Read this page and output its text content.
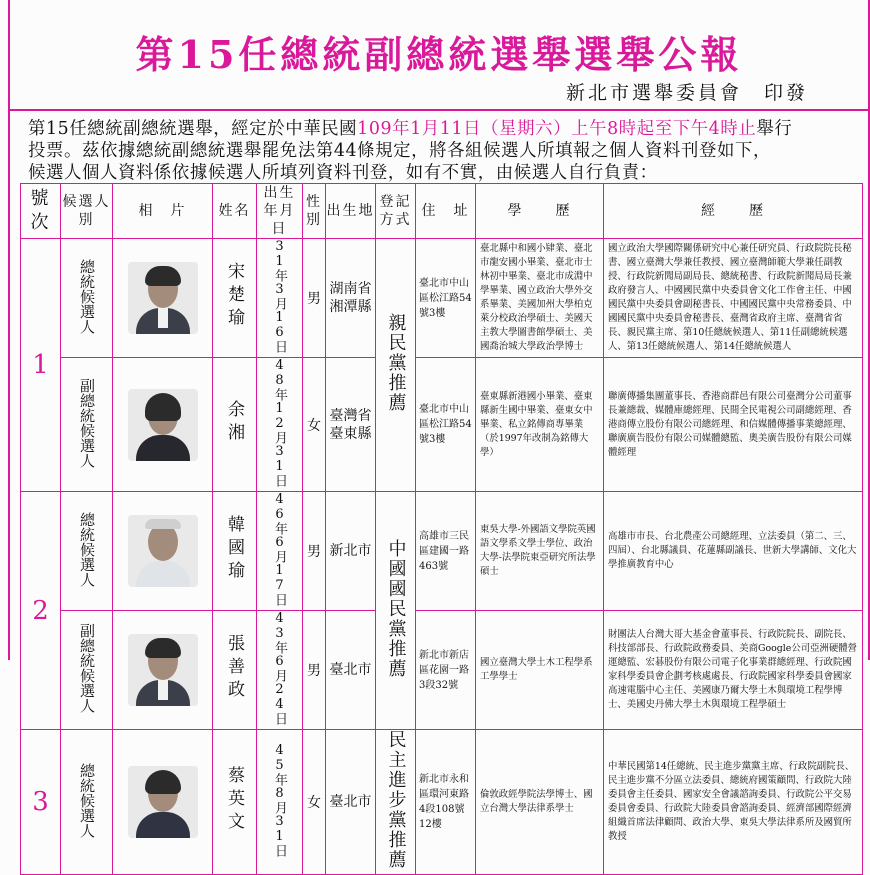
第15任總統副總統選舉選舉公報
新北市選舉委員會　印發
第15任總統副總統選舉，經定於中華民國109年1月11日（星期六）上午8時起至下午4時止舉行
投票。茲依據總統副總統選舉罷免法第44條規定，將各組候選人所填報之個人資料刊登如下，
候選人個人資料係依據候選人所填列資料刊登，如有不實，由候選人自行負責：
號次	候選人別	相　片	姓名	出生年月日	性別	出生地	登記方式	住　址	學　　歷	經　　歷
1	總統候選人		宋楚瑜	31年3月16日	男	湖南省湘潭縣	親民黨推薦	臺北市中山區松江路54號3樓	臺北縣中和國小肄業、臺北市龍安國小畢業、臺北市士林初中畢業、臺北市成淵中學畢業、國立政治大學外交系畢業、美國加州大學柏克萊分校政治學碩士、美國天主教大學圖書館學碩士、美國喬治城大學政治學博士	國立政治大學國際關係研究中心兼任研究員、行政院院長秘書、國立臺灣大學兼任教授、國立臺灣師範大學兼任副教授、行政院新聞局副局長、總統秘書、行政院新聞局局長兼政府發言人、中國國民黨中央委員會文化工作會主任、中國國民黨中央委員會副秘書長、中國國民黨中央常務委員、中國國民黨中央委員會秘書長、臺灣省政府主席、臺灣省省長、親民黨主席、第10任總統候選人、第11任副總統候選人、第13任總統候選人、第14任總統候選人
	副總統候選人		余湘	48年12月31日	女	臺灣省臺東縣		臺北市中山區松江路54號3樓	臺東縣新港國小畢業、臺東縣新生國中畢業、臺東女中畢業、私立銘傳商專畢業（於1997年改制為銘傳大學）	聯廣傳播集團董事長、香港商群邑有限公司臺灣分公司董事長兼總裁、媒體庫總經理、民間全民電視公司副總經理、香港商傳立股份有限公司總經理、和信媒體傳播事業總經理、聯廣廣告股份有限公司媒體總監、奧美廣告股份有限公司媒體經理
2	總統候選人		韓國瑜	46年6月17日	男	新北市	中國國民黨推薦	高雄市三民區建國一路463號	東吳大學-外國語文學院英國語文學系文學士學位、政治大學-法學院東亞研究所法學碩士	高雄市市長、台北農產公司總經理、立法委員（第二、三、四屆）、台北縣議員、花蓮縣副議長、世新大學講師、文化大學推廣教育中心
	副總統候選人		張善政	43年6月24日	男	臺北市		新北市新店區花園一路3段32號	國立臺灣大學土木工程學系工學學士	財團法人台灣大哥大基金會董事長、行政院院長、副院長、科技部部長、行政院政務委員、美商Google公司亞洲硬體營運總監、宏碁股份有限公司電子化事業群總經理、行政院國家科學委員會企劃考核處處長、行政院國家科學委員會國家高速電腦中心主任、美國康乃爾大學土木與環境工程學博士、美國史丹佛大學土木與環境工程學碩士
3	總統候選人		蔡英文	45年8月31日	女	臺北市	民主進步黨推薦	新北市永和區環河東路4段108號12樓	倫敦政經學院法學博士、國立台灣大學法律系學士	中華民國第14任總統、民主進步黨黨主席、行政院副院長、民主進步黨不分區立法委員、總統府國策顧問、行政院大陸委員會主任委員、國家安全會議諮詢委員、行政院公平交易委員會委員、行政院大陸委員會諮詢委員、經濟部國際經濟組織首席法律顧問、政治大學、東吳大學法律系所及國貿所教授
